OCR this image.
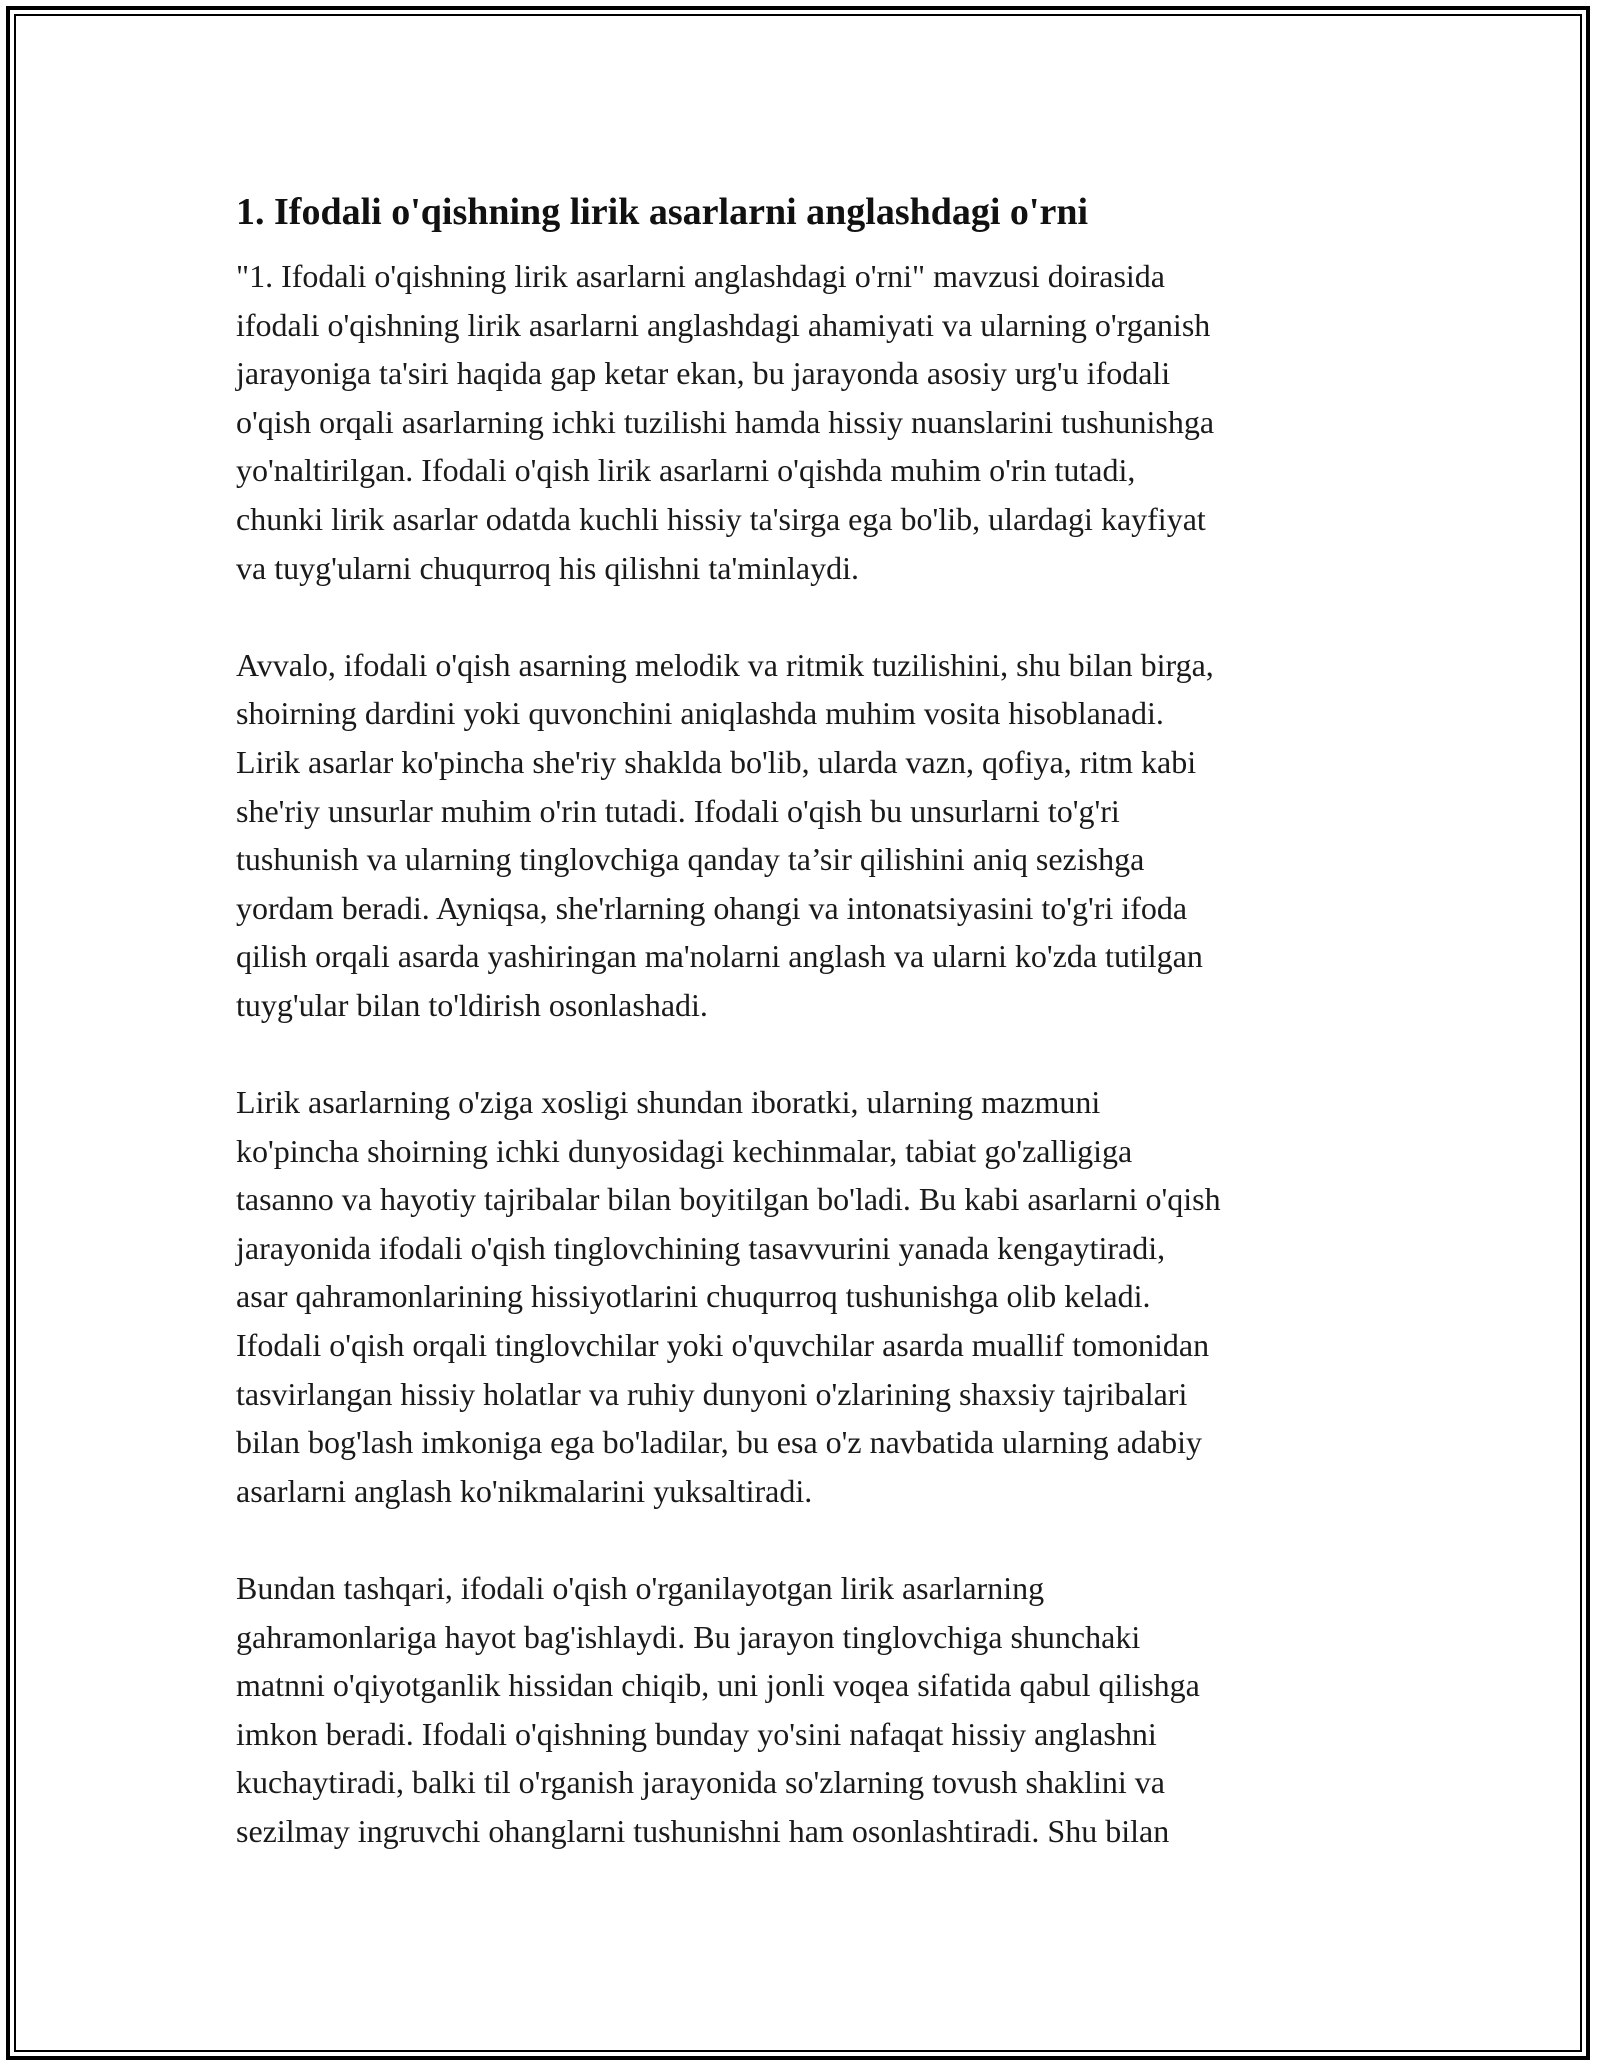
1. Ifodali o'qishning lirik asarlarni anglashdagi o'rni
"1. Ifodali o'qishning lirik asarlarni anglashdagi o'rni" mavzusi doirasida
ifodali o'qishning lirik asarlarni anglashdagi ahamiyati va ularning o'rganish
jarayoniga ta'siri haqida gap ketar ekan, bu jarayonda asosiy urg'u ifodali
o'qish orqali asarlarning ichki tuzilishi hamda hissiy nuanslarini tushunishga
yo'naltirilgan. Ifodali o'qish lirik asarlarni o'qishda muhim o'rin tutadi,
chunki lirik asarlar odatda kuchli hissiy ta'sirga ega bo'lib, ulardagi kayfiyat
va tuyg'ularni chuqurroq his qilishni ta'minlaydi.
Avvalo, ifodali o'qish asarning melodik va ritmik tuzilishini, shu bilan birga,
shoirning dardini yoki quvonchini aniqlashda muhim vosita hisoblanadi.
Lirik asarlar ko'pincha she'riy shaklda bo'lib, ularda vazn, qofiya, ritm kabi
she'riy unsurlar muhim o'rin tutadi. Ifodali o'qish bu unsurlarni to'g'ri
tushunish va ularning tinglovchiga qanday ta’sir qilishini aniq sezishga
yordam beradi. Ayniqsa, she'rlarning ohangi va intonatsiyasini to'g'ri ifoda
qilish orqali asarda yashiringan ma'nolarni anglash va ularni ko'zda tutilgan
tuyg'ular bilan to'ldirish osonlashadi.
Lirik asarlarning o'ziga xosligi shundan iboratki, ularning mazmuni
ko'pincha shoirning ichki dunyosidagi kechinmalar, tabiat go'zalligiga
tasanno va hayotiy tajribalar bilan boyitilgan bo'ladi. Bu kabi asarlarni o'qish
jarayonida ifodali o'qish tinglovchining tasavvurini yanada kengaytiradi,
asar qahramonlarining hissiyotlarini chuqurroq tushunishga olib keladi.
Ifodali o'qish orqali tinglovchilar yoki o'quvchilar asarda muallif tomonidan
tasvirlangan hissiy holatlar va ruhiy dunyoni o'zlarining shaxsiy tajribalari
bilan bog'lash imkoniga ega bo'ladilar, bu esa o'z navbatida ularning adabiy
asarlarni anglash ko'nikmalarini yuksaltiradi.
Bundan tashqari, ifodali o'qish o'rganilayotgan lirik asarlarning
gahramonlariga hayot bag'ishlaydi. Bu jarayon tinglovchiga shunchaki
matnni o'qiyotganlik hissidan chiqib, uni jonli voqea sifatida qabul qilishga
imkon beradi. Ifodali o'qishning bunday yo'sini nafaqat hissiy anglashni
kuchaytiradi, balki til o'rganish jarayonida so'zlarning tovush shaklini va
sezilmay ingruvchi ohanglarni tushunishni ham osonlashtiradi. Shu bilan
